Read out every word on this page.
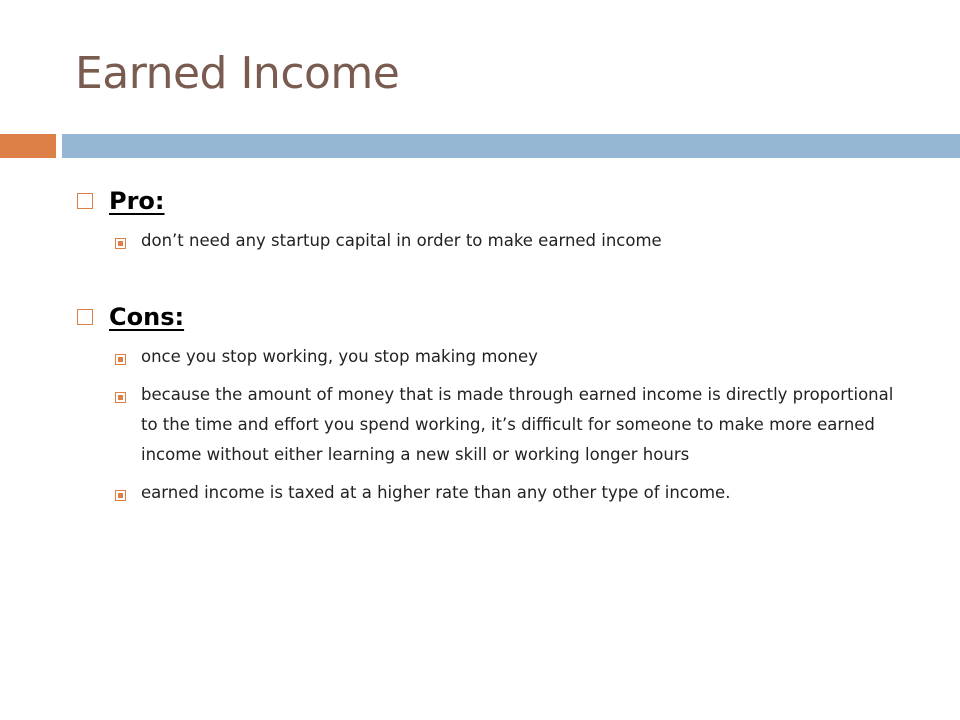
Earned Income
Pro:
don’t need any startup capital in order to make earned income
Cons:
once you stop working, you stop making money
because the amount of money that is made through earned income is directly proportional to the time and effort you spend working, it’s difficult for someone to make more earned income without either learning a new skill or working longer hours
earned income is taxed at a higher rate than any other type of income.
